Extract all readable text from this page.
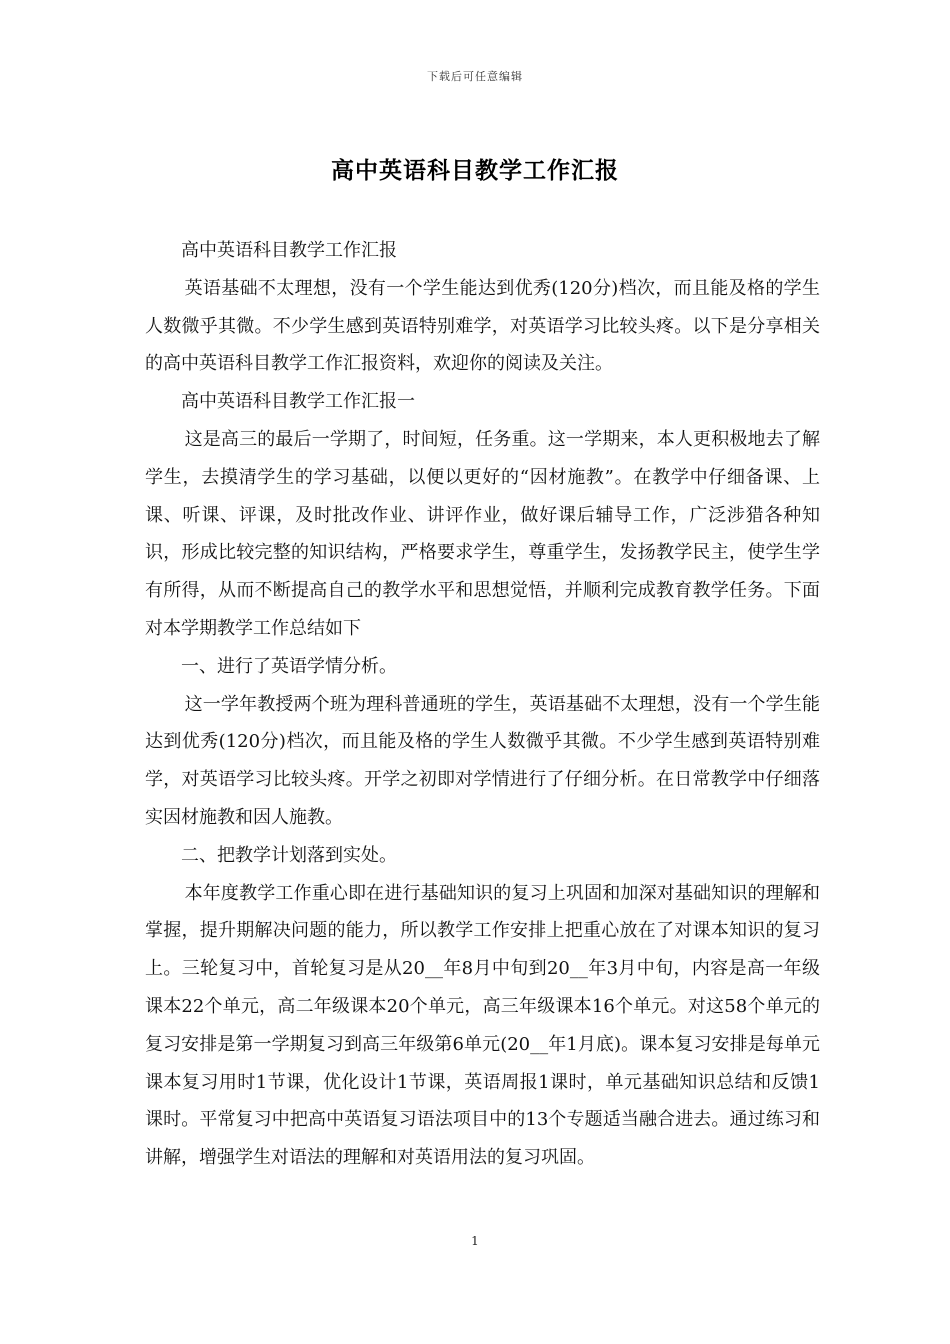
下载后可任意编辑
高中英语科目教学工作汇报

高中英语科目教学工作汇报

英语基础不太理想，没有一个学生能达到优秀(120分)档次，而且能及格的学生人数微乎其微。不少学生感到英语特别难学，对英语学习比较头疼。以下是分享相关的高中英语科目教学工作汇报资料，欢迎你的阅读及关注。

高中英语科目教学工作汇报一

这是高三的最后一学期了，时间短，任务重。这一学期来，本人更积极地去了解学生，去摸清学生的学习基础，以便以更好的“因材施教”。在教学中仔细备课、上课、听课、评课，及时批改作业、讲评作业，做好课后辅导工作，广泛涉猎各种知识，形成比较完整的知识结构，严格要求学生，尊重学生，发扬教学民主，使学生学有所得，从而不断提高自己的教学水平和思想觉悟，并顺利完成教育教学任务。下面对本学期教学工作总结如下

一、进行了英语学情分析。

这一学年教授两个班为理科普通班的学生，英语基础不太理想，没有一个学生能达到优秀(120分)档次，而且能及格的学生人数微乎其微。不少学生感到英语特别难学，对英语学习比较头疼。开学之初即对学情进行了仔细分析。在日常教学中仔细落实因材施教和因人施教。

二、把教学计划落到实处。

本年度教学工作重心即在进行基础知识的复习上巩固和加深对基础知识的理解和掌握，提升期解决问题的能力，所以教学工作安排上把重心放在了对课本知识的复习上。三轮复习中，首轮复习是从20__年8月中旬到20__年3月中旬，内容是高一年级课本22个单元，高二年级课本20个单元，高三年级课本16个单元。对这58个单元的复习安排是第一学期复习到高三年级第6单元(20__年1月底)。课本复习安排是每单元课本复习用时1节课，优化设计1节课，英语周报1课时，单元基础知识总结和反馈1课时。平常复习中把高中英语复习语法项目中的13个专题适当融合进去。通过练习和讲解，增强学生对语法的理解和对英语用法的复习巩固。

1
